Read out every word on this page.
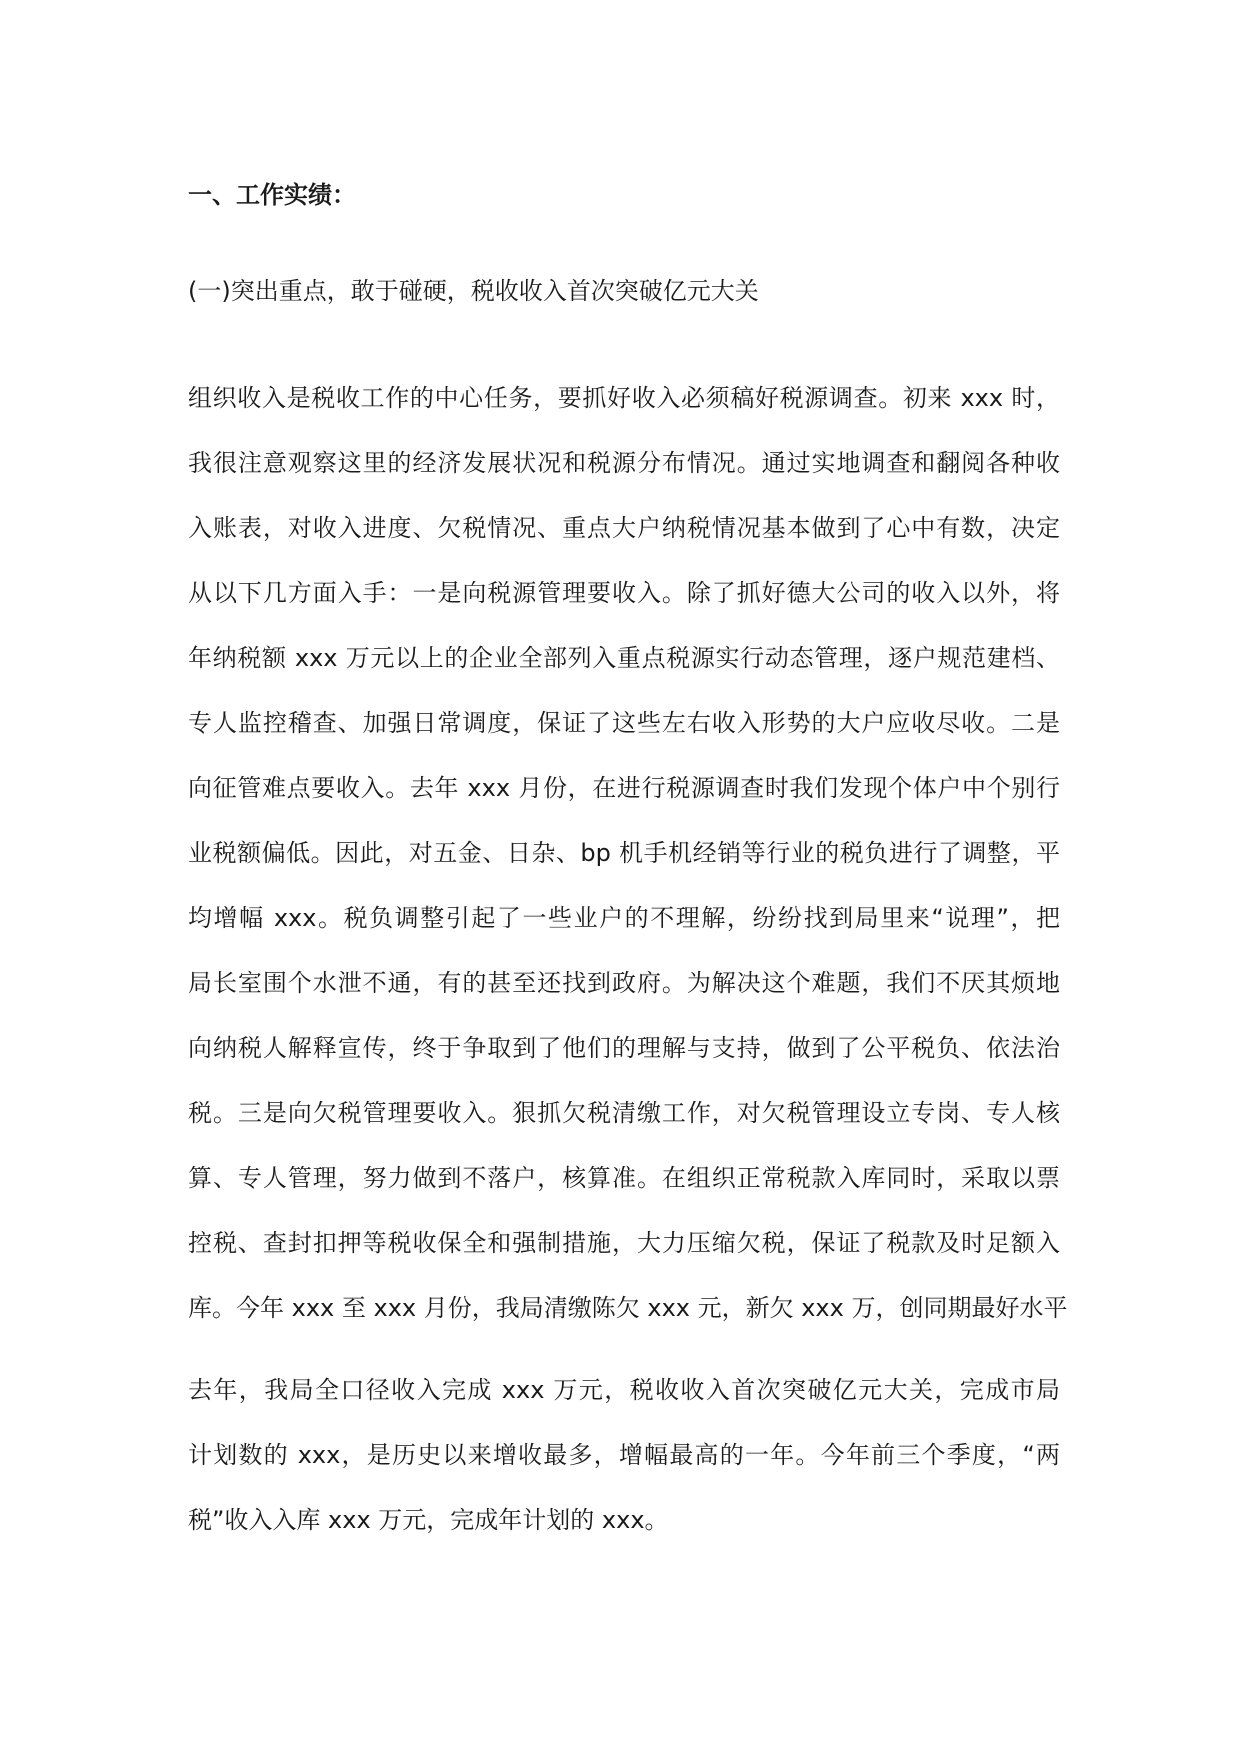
一、工作实绩：
(一)突出重点，敢于碰硬，税收收入首次突破亿元大关
组织收入是税收工作的中心任务，要抓好收入必须稿好税源调查。初来 xxx 时，
我很注意观察这里的经济发展状况和税源分布情况。通过实地调查和翻阅各种收
入账表，对收入进度、欠税情况、重点大户纳税情况基本做到了心中有数，决定
从以下几方面入手：一是向税源管理要收入。除了抓好德大公司的收入以外，将
年纳税额 xxx 万元以上的企业全部列入重点税源实行动态管理，逐户规范建档、
专人监控稽查、加强日常调度，保证了这些左右收入形势的大户应收尽收。二是
向征管难点要收入。去年 xxx 月份，在进行税源调查时我们发现个体户中个别行
业税额偏低。因此，对五金、日杂、bp 机手机经销等行业的税负进行了调整，平
均增幅 xxx。税负调整引起了一些业户的不理解，纷纷找到局里来“说理”，把
局长室围个水泄不通，有的甚至还找到政府。为解决这个难题，我们不厌其烦地
向纳税人解释宣传，终于争取到了他们的理解与支持，做到了公平税负、依法治
税。三是向欠税管理要收入。狠抓欠税清缴工作，对欠税管理设立专岗、专人核
算、专人管理，努力做到不落户，核算准。在组织正常税款入库同时，采取以票
控税、查封扣押等税收保全和强制措施，大力压缩欠税，保证了税款及时足额入
库。今年 xxx 至 xxx 月份，我局清缴陈欠 xxx 元，新欠 xxx 万，创同期最好水平
去年，我局全口径收入完成 xxx 万元，税收收入首次突破亿元大关，完成市局
计划数的 xxx，是历史以来增收最多，增幅最高的一年。今年前三个季度，“两
税”收入入库 xxx 万元，完成年计划的 xxx。
